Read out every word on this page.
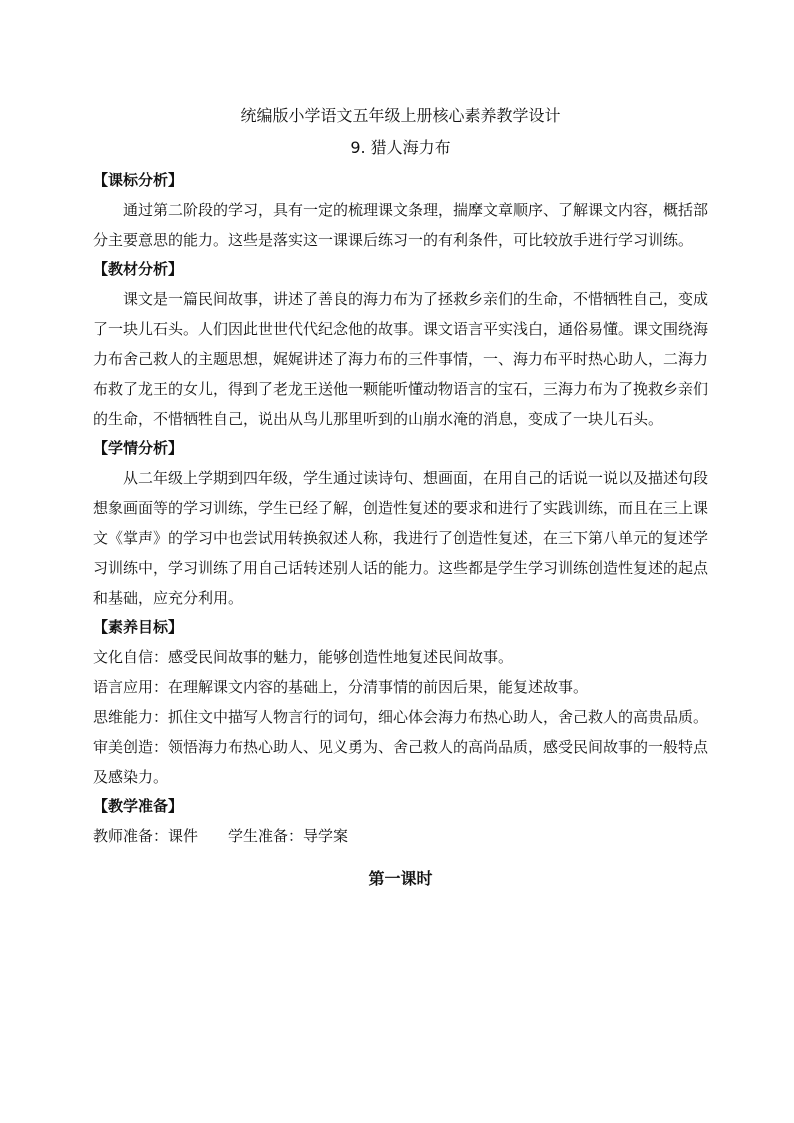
统编版小学语文五年级上册核心素养教学设计
9. 猎人海力布
【课标分析】

通过第二阶段的学习，具有一定的梳理课文条理，揣摩文章顺序、了解课文内容，概括部分主要意思的能力。这些是落实这一课课后练习一的有利条件，可比较放手进行学习训练。

【教材分析】

课文是一篇民间故事，讲述了善良的海力布为了拯救乡亲们的生命，不惜牺牲自己，变成了一块儿石头。人们因此世世代代纪念他的故事。课文语言平实浅白，通俗易懂。课文围绕海力布舍己救人的主题思想，娓娓讲述了海力布的三件事情，一、海力布平时热心助人，二海力布救了龙王的女儿，得到了老龙王送他一颗能听懂动物语言的宝石，三海力布为了挽救乡亲们的生命，不惜牺牲自己，说出从鸟儿那里听到的山崩水淹的消息，变成了一块儿石头。

【学情分析】

从二年级上学期到四年级，学生通过读诗句、想画面，在用自己的话说一说以及描述句段想象画面等的学习训练，学生已经了解，创造性复述的要求和进行了实践训练，而且在三上课文《掌声》的学习中也尝试用转换叙述人称，我进行了创造性复述，在三下第八单元的复述学习训练中，学习训练了用自己话转述别人话的能力。这些都是学生学习训练创造性复述的起点和基础，应充分利用。

【素养目标】

文化自信：感受民间故事的魅力，能够创造性地复述民间故事。

语言应用：在理解课文内容的基础上，分清事情的前因后果，能复述故事。

思维能力：抓住文中描写人物言行的词句，细心体会海力布热心助人，舍己救人的高贵品质。

审美创造：领悟海力布热心助人、见义勇为、舍己救人的高尚品质，感受民间故事的一般特点及感染力。

【教学准备】

教师准备：课件　　学生准备：导学案

第一课时
